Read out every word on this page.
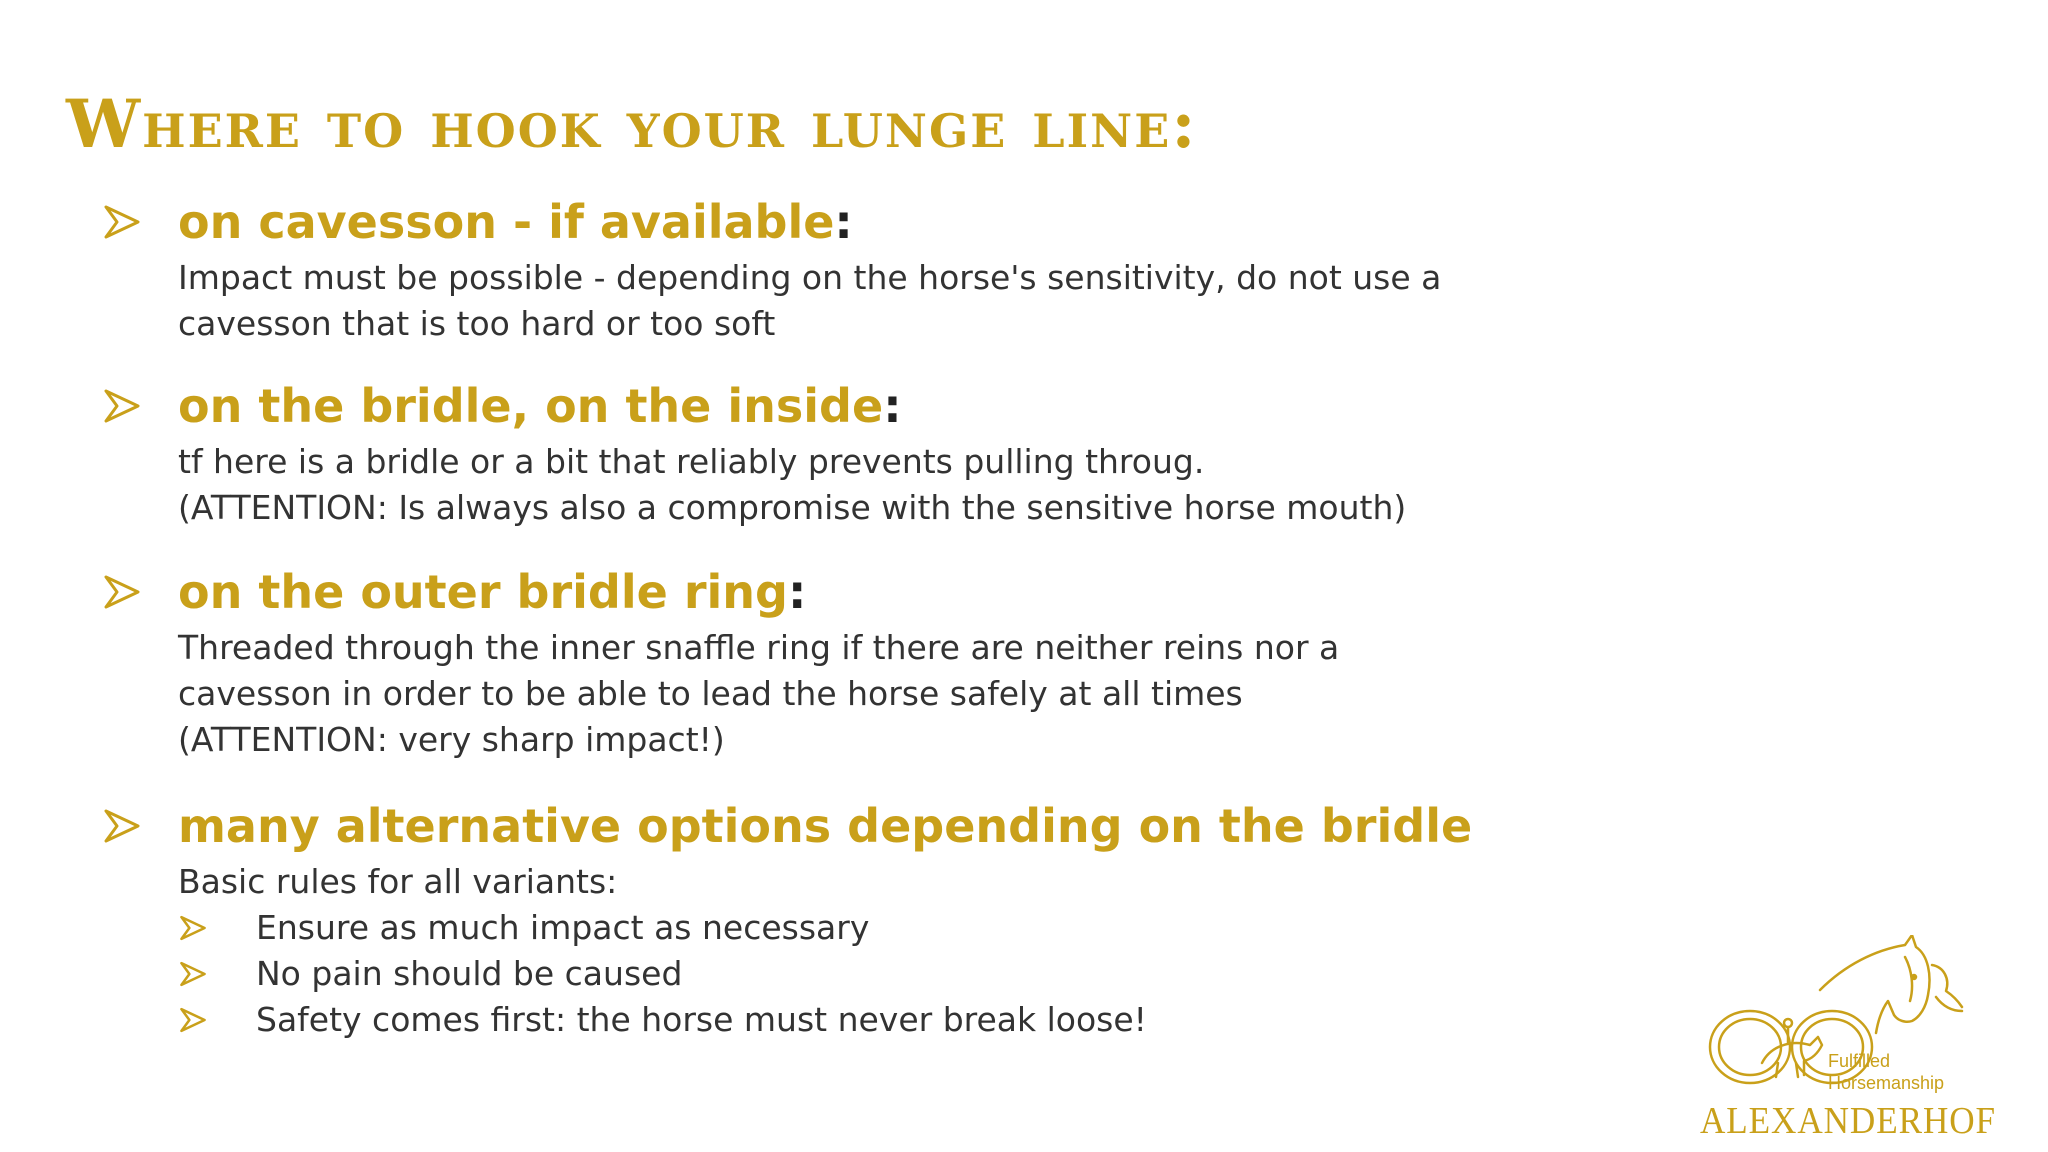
Where to hook your lunge line:
on cavesson - if available:
Impact must be possible - depending on the horse's sensitivity, do not use a
cavesson that is too hard or too soft
on the bridle, on the inside:
tf here is a bridle or a bit that reliably prevents pulling throug.
(ATTENTION: Is always also a compromise with the sensitive horse mouth)
on the outer bridle ring:
Threaded through the inner snaffle ring if there are neither reins nor a
cavesson in order to be able to lead the horse safely at all times
(ATTENTION: very sharp impact!)
many alternative options depending on the bridle
Basic rules for all variants:
Ensure as much impact as necessary
No pain should be caused
Safety comes first: the horse must never break loose!
Fulfilled
Horsemanship
ALEXANDERHOF
